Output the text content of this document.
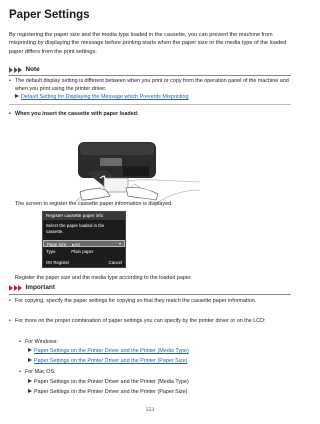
Paper Settings

By registering the paper size and the media type loaded in the cassette, you can prevent the machine from misprinting by displaying the message before printing starts when the paper size or the media type of the loaded paper differs from the print settings.

Note
• The default display setting is different between when you print or copy from the operation panel of the machine and when you print using the printer driver.
Default Setting for Displaying the Message which Prevents Misprinting
• When you insert the cassette with paper loaded:
Register cassette paper info
Select the paper loaded in the
cassette.
Page size ▸A4
Type	Plain paper
OK Register	Cancel
The screen to register the cassette paper information is displayed.
Register the paper size and the media type according to the loaded paper.
Important
• For copying, specify the paper settings for copying so that they match the cassette paper information.
• For more on the proper combination of paper settings you can specify by the printer driver or on the LCD:
• For Windows:
Paper Settings on the Printer Driver and the Printer (Media Type)
Paper Settings on the Printer Driver and the Printer (Paper Size)
• For Mac OS:
Paper Settings on the Printer Driver and the Printer (Media Type)
Paper Settings on the Printer Driver and the Printer (Paper Size)
553
